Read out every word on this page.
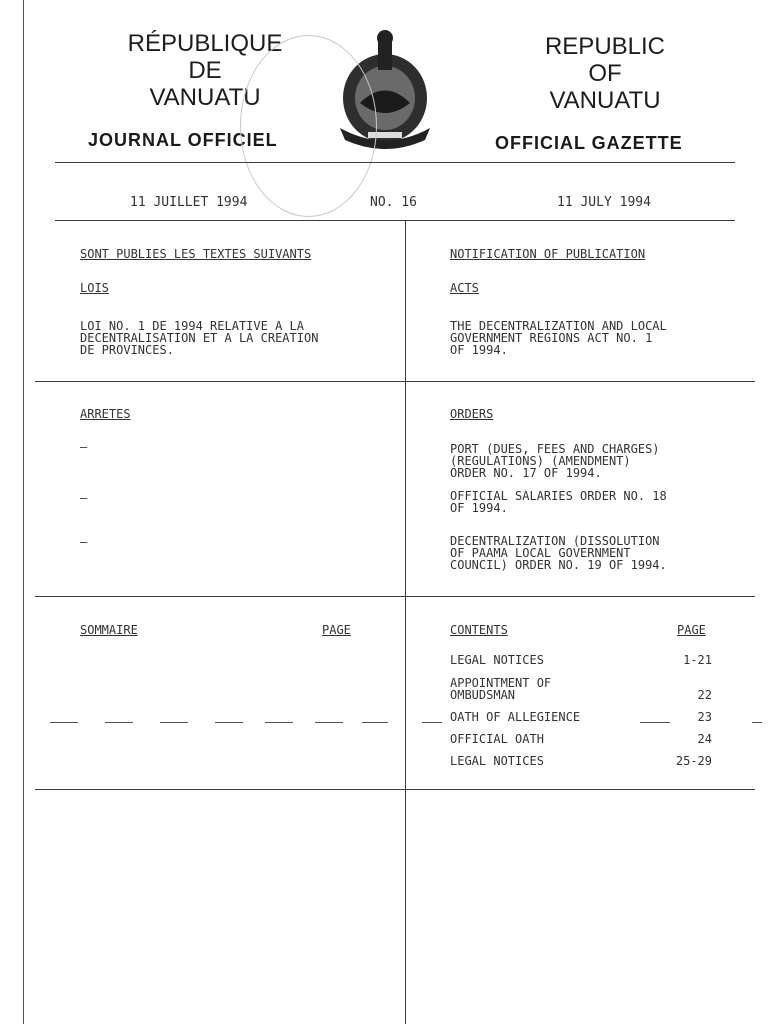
RÉPUBLIQUE
DE
VANUATU
JOURNAL OFFICIEL
REPUBLIC
OF
VANUATU
OFFICIAL GAZETTE
11 JUILLET 1994	NO. 16	11 JULY 1994
SONT PUBLIES LES TEXTES SUIVANTS
LOIS
LOI NO. 1 DE 1994 RELATIVE A LA
DECENTRALISATION ET A LA CREATION
DE PROVINCES.
NOTIFICATION OF PUBLICATION
ACTS
THE DECENTRALIZATION AND LOCAL
GOVERNMENT REGIONS ACT NO. 1
OF 1994.
ARRETES
–
–
–
ORDERS
PORT (DUES, FEES AND CHARGES)
(REGULATIONS) (AMENDMENT)
ORDER NO. 17 OF 1994.
OFFICIAL SALARIES ORDER NO. 18
OF 1994.
DECENTRALIZATION (DISSOLUTION
OF PAAMA LOCAL GOVERNMENT
COUNCIL) ORDER NO. 19 OF 1994.
SOMMAIRE	PAGE	CONTENTS	PAGE
LEGAL NOTICES	1-21
APPOINTMENT OF
OMBUDSMAN	22
OATH OF ALLEGIENCE	23
OFFICIAL OATH	24
LEGAL NOTICES	25-29
